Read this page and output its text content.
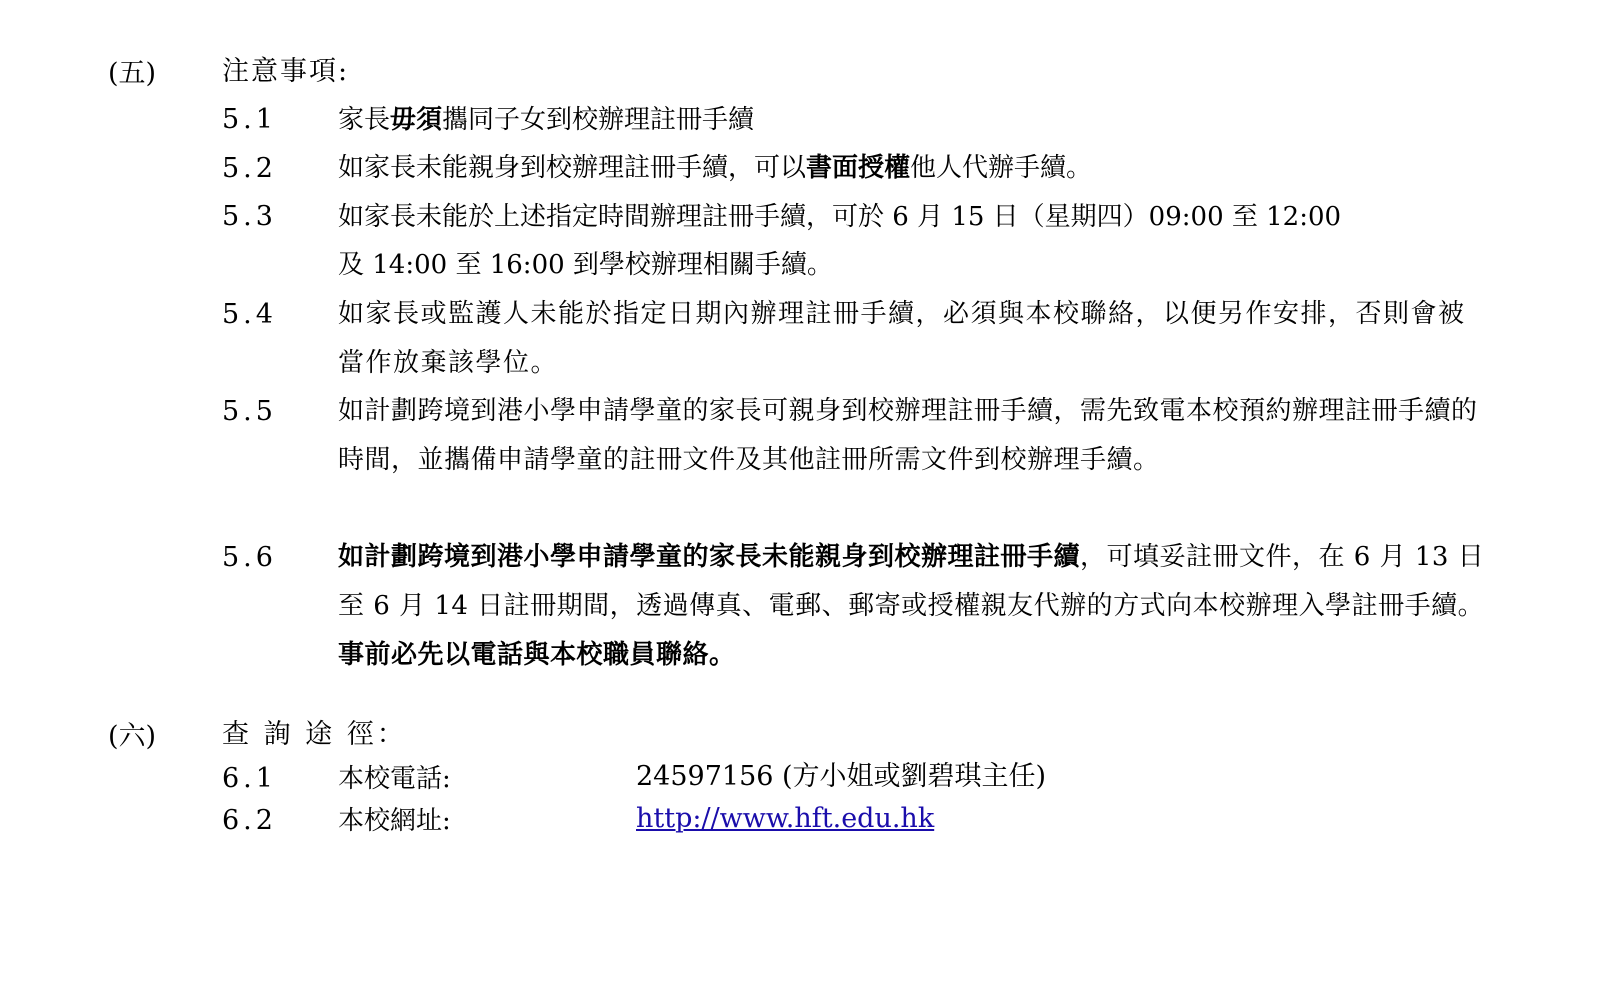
(五) 注意事項:
5.1 家長毋須攜同子女到校辦理註冊手續
5.2 如家長未能親身到校辦理註冊手續，可以書面授權他人代辦手續。
5.3 如家長未能於上述指定時間辦理註冊手續，可於 6 月 15 日（星期四）09:00 至 12:00
及 14:00 至 16:00 到學校辦理相關手續。
5.4 如家長或監護人未能於指定日期內辦理註冊手續，必須與本校聯絡，以便另作安排，否則會被當作放棄該學位。
5.5 如計劃跨境到港小學申請學童的家長可親身到校辦理註冊手續，需先致電本校預約辦理註冊手續的時間，並攜備申請學童的註冊文件及其他註冊所需文件到校辦理手續。
5.6 如計劃跨境到港小學申請學童的家長未能親身到校辦理註冊手續，可填妥註冊文件，在 6 月 13 日至 6 月 14 日註冊期間，透過傳真、電郵、郵寄或授權親友代辦的方式向本校辦理入學註冊手續。事前必先以電話與本校職員聯絡。
(六) 查 詢 途 徑：
6.1 本校電話:	24597156 (方小姐或劉碧琪主任)
6.2 本校網址:	http://www.hft.edu.hk
